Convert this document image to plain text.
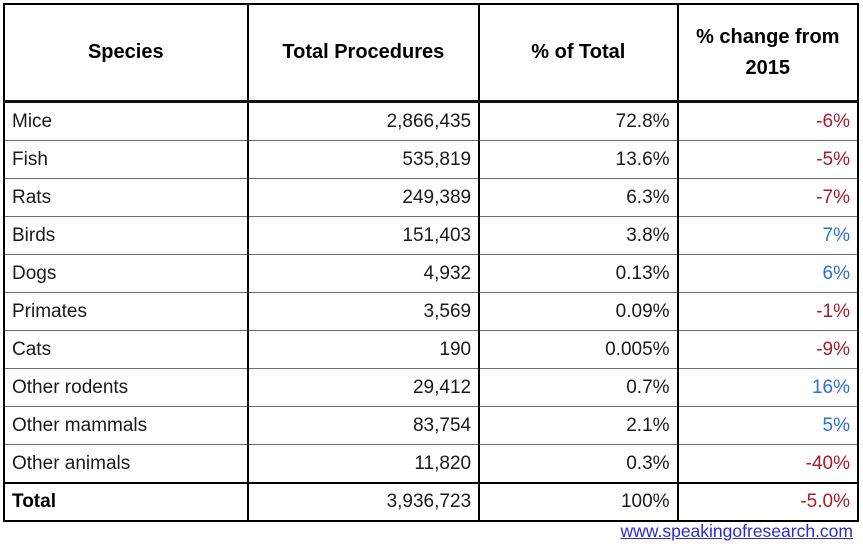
Species	Total Procedures	% of Total	% change from 2015
Mice	2,866,435	72.8%	-6%
Fish	535,819	13.6%	-5%
Rats	249,389	6.3%	-7%
Birds	151,403	3.8%	7%
Dogs	4,932	0.13%	6%
Primates	3,569	0.09%	-1%
Cats	190	0.005%	-9%
Other rodents	29,412	0.7%	16%
Other mammals	83,754	2.1%	5%
Other animals	11,820	0.3%	-40%
Total	3,936,723	100%	-5.0%
www.speakingofresearch.com
